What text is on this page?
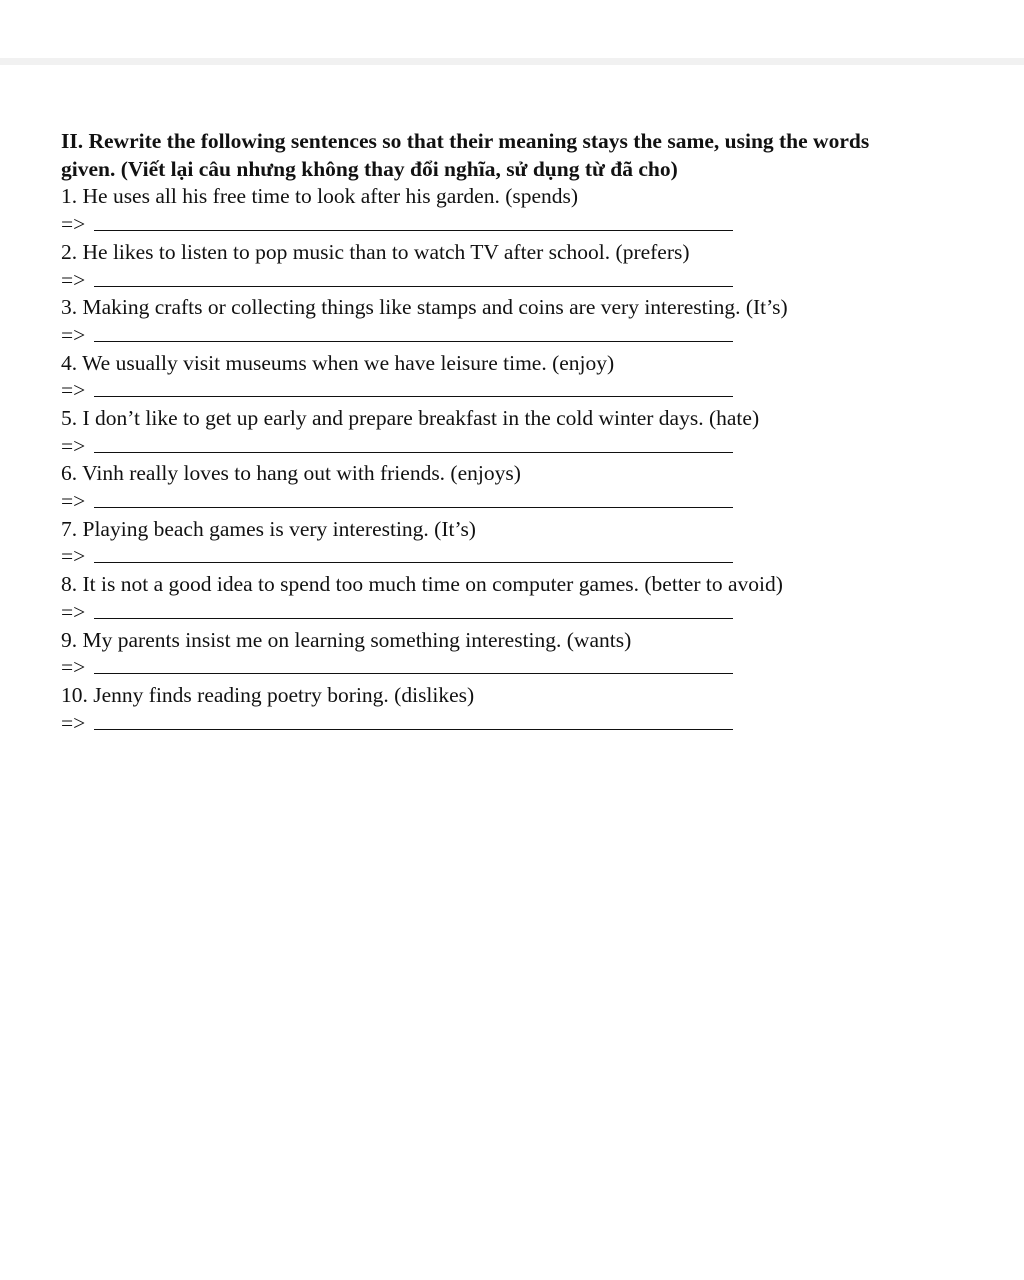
II. Rewrite the following sentences so that their meaning stays the same, using the words

given. (Viết lại câu nhưng không thay đổi nghĩa, sử dụng từ đã cho)

1. He uses all his free time to look after his garden. (spends)

=>

2. He likes to listen to pop music than to watch TV after school. (prefers)

=>

3. Making crafts or collecting things like stamps and coins are very interesting. (It’s)

=>

4. We usually visit museums when we have leisure time. (enjoy)

=>

5. I don’t like to get up early and prepare breakfast in the cold winter days. (hate)

=>

6. Vinh really loves to hang out with friends. (enjoys)

=>

7. Playing beach games is very interesting. (It’s)

=>

8. It is not a good idea to spend too much time on computer games. (better to avoid)

=>

9. My parents insist me on learning something interesting. (wants)

=>

10. Jenny finds reading poetry boring. (dislikes)

=>
